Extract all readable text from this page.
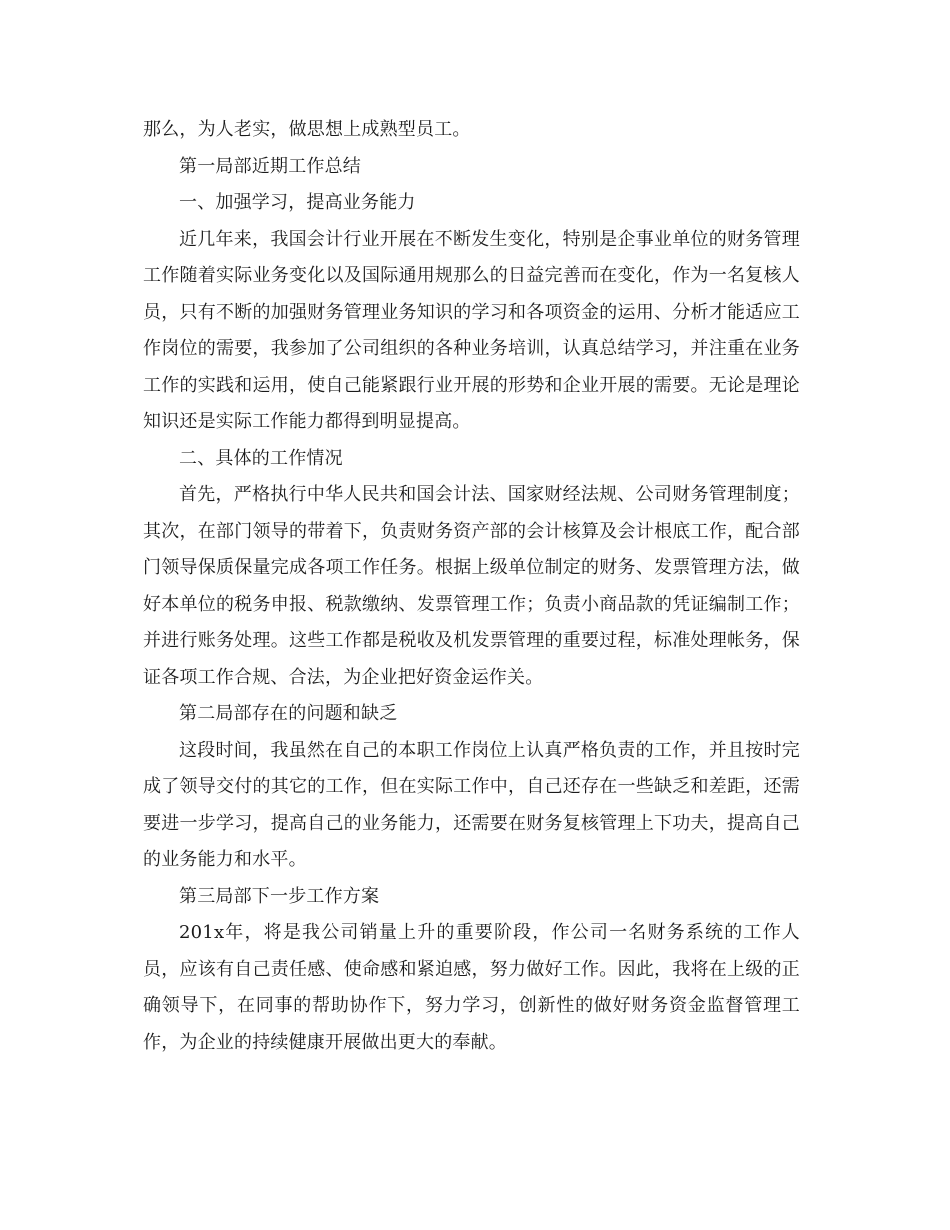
那么，为人老实，做思想上成熟型员工。

第一局部近期工作总结

一、加强学习，提高业务能力

近几年来，我国会计行业开展在不断发生变化，特别是企事业单位的财务管理工作随着实际业务变化以及国际通用规那么的日益完善而在变化，作为一名复核人员，只有不断的加强财务管理业务知识的学习和各项资金的运用、分析才能适应工作岗位的需要，我参加了公司组织的各种业务培训，认真总结学习，并注重在业务工作的实践和运用，使自己能紧跟行业开展的形势和企业开展的需要。无论是理论知识还是实际工作能力都得到明显提高。

二、具体的工作情况

首先，严格执行中华人民共和国会计法、国家财经法规、公司财务管理制度；其次，在部门领导的带着下，负责财务资产部的会计核算及会计根底工作，配合部门领导保质保量完成各项工作任务。根据上级单位制定的财务、发票管理方法，做好本单位的税务申报、税款缴纳、发票管理工作；负责小商品款的凭证编制工作；并进行账务处理。这些工作都是税收及机发票管理的重要过程，标准处理帐务，保证各项工作合规、合法，为企业把好资金运作关。

第二局部存在的问题和缺乏

这段时间，我虽然在自己的本职工作岗位上认真严格负责的工作，并且按时完成了领导交付的其它的工作，但在实际工作中，自己还存在一些缺乏和差距，还需要进一步学习，提高自己的业务能力，还需要在财务复核管理上下功夫，提高自己的业务能力和水平。

第三局部下一步工作方案

201x年，将是我公司销量上升的重要阶段，作公司一名财务系统的工作人员，应该有自己责任感、使命感和紧迫感，努力做好工作。因此，我将在上级的正确领导下，在同事的帮助协作下，努力学习，创新性的做好财务资金监督管理工作，为企业的持续健康开展做出更大的奉献。
